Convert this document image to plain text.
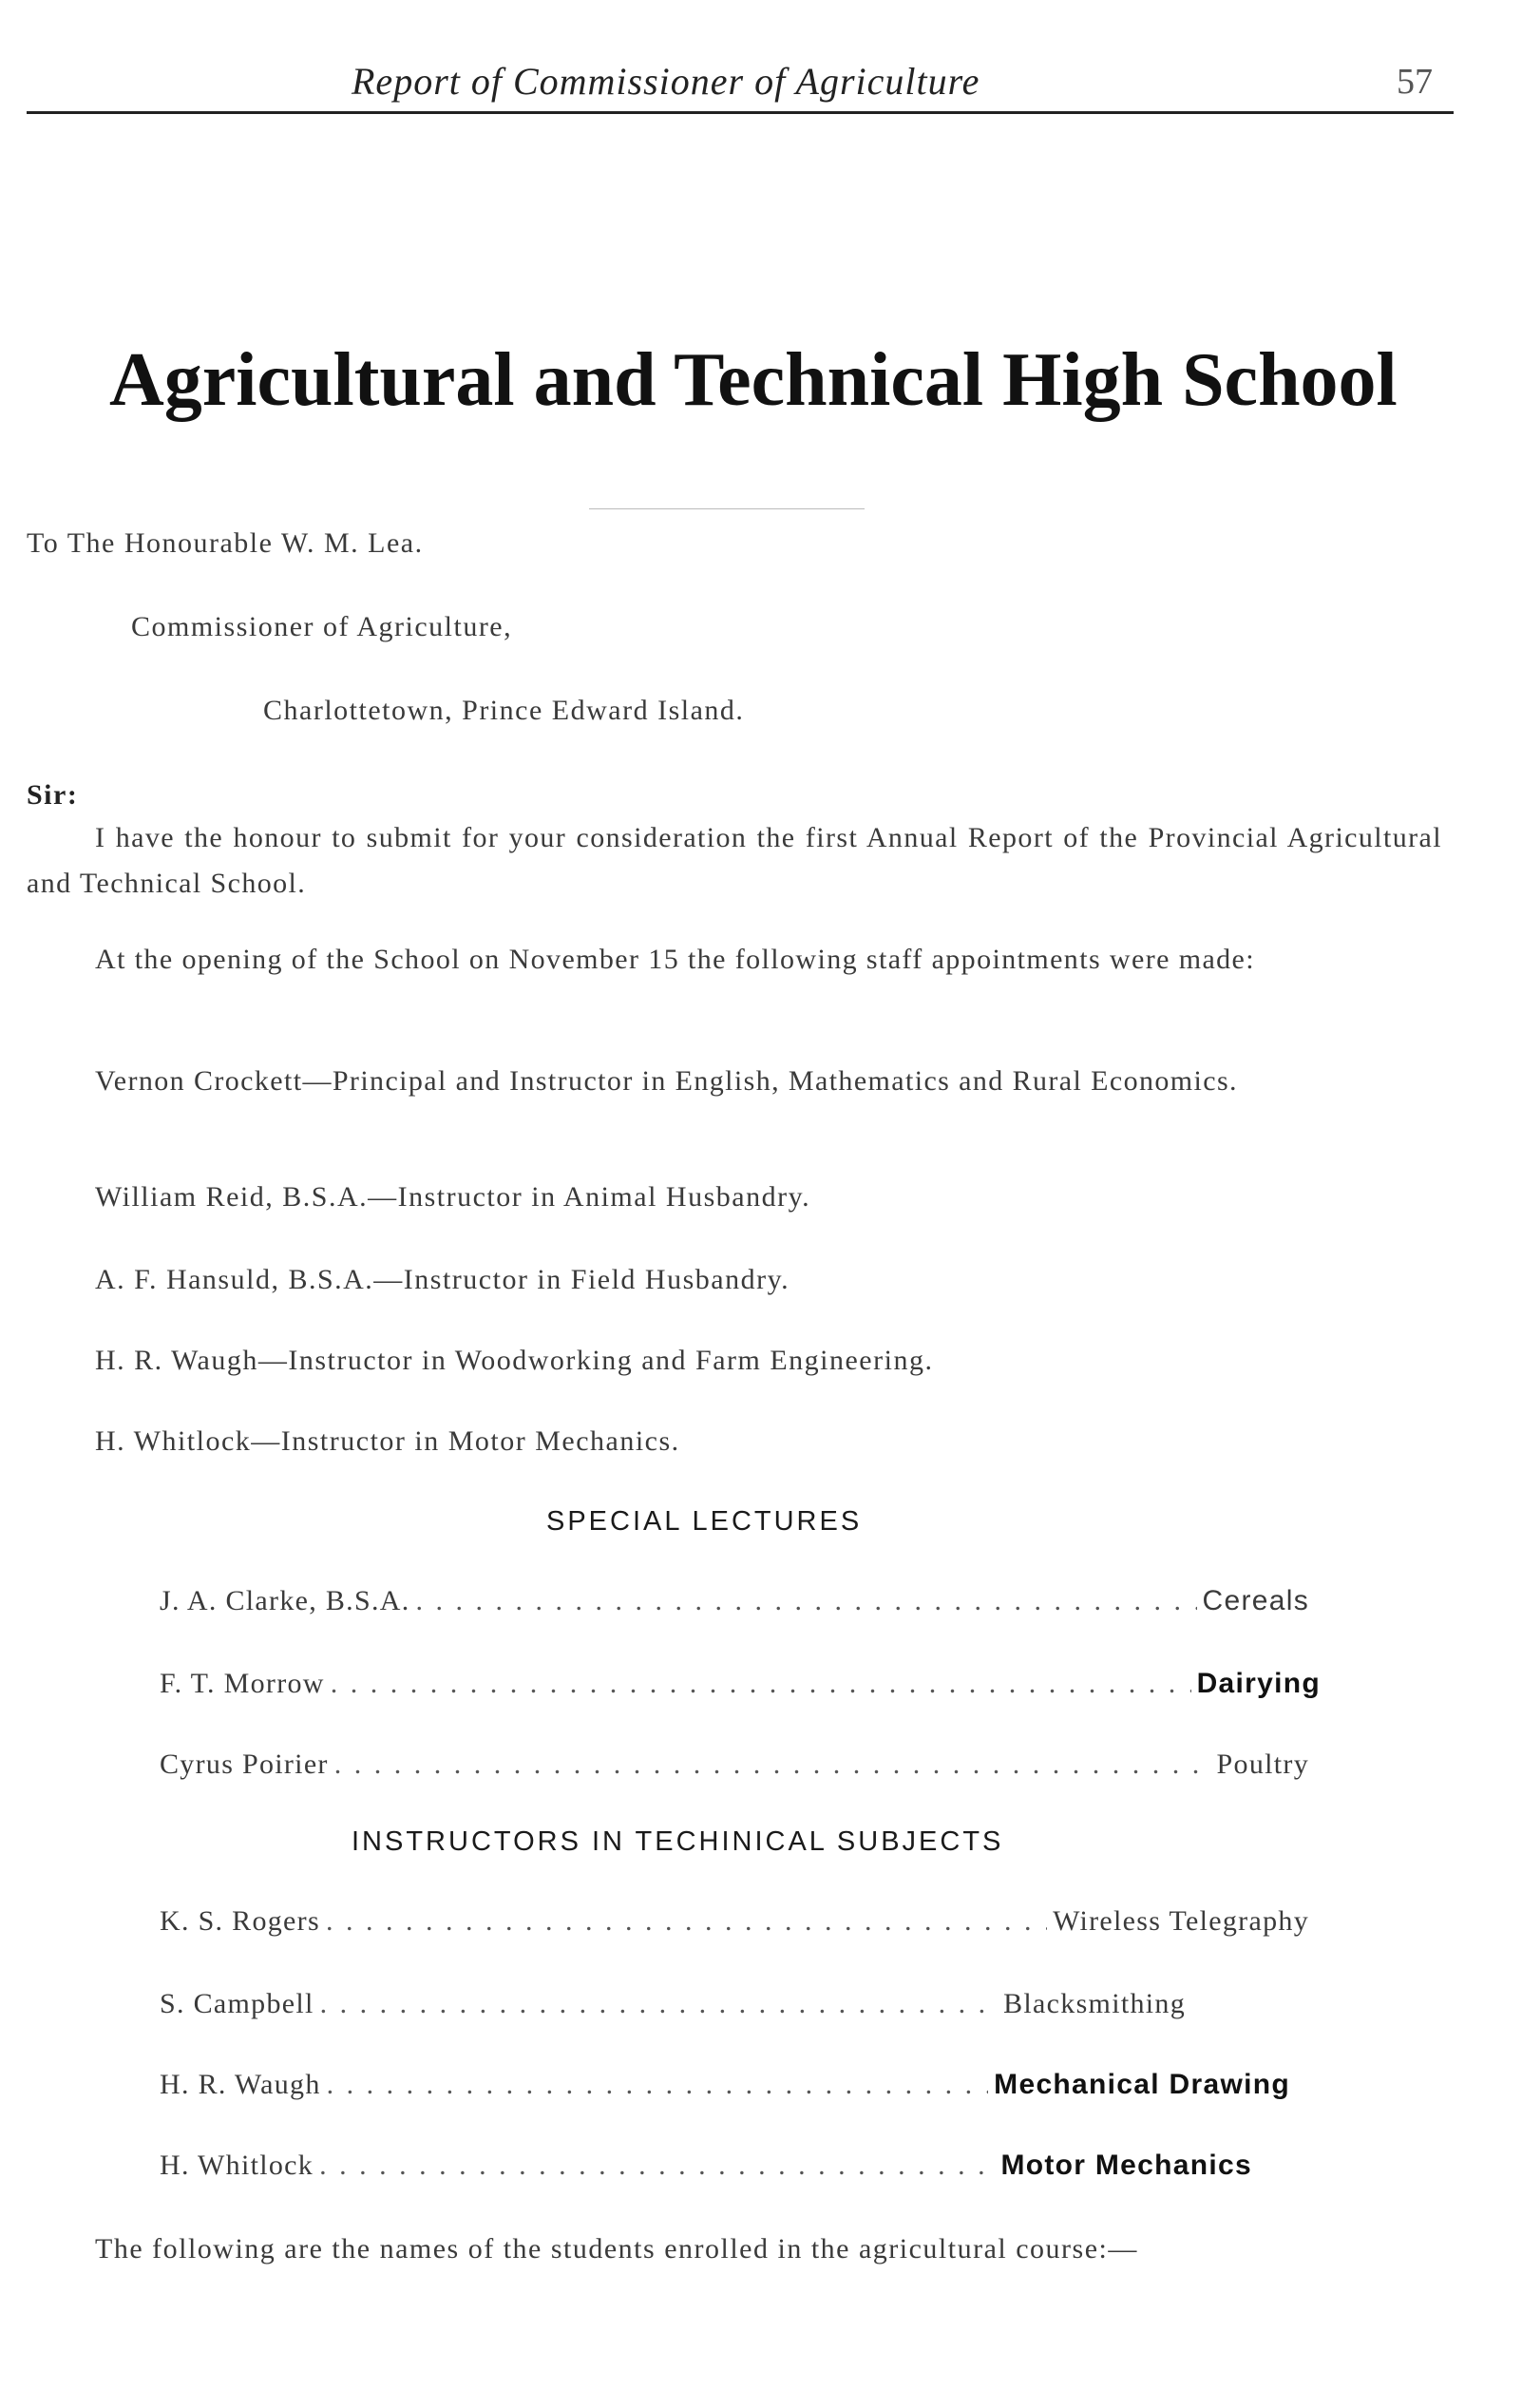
Report of Commissioner of Agriculture	57
Agricultural and Technical High School
To The Honourable W. M. Lea.
Commissioner of Agriculture,
Charlottetown, Prince Edward Island.
Sir:
I have the honour to submit for your consideration the first Annual Report of the Provincial Agricultural and Technical School.
At the opening of the School on November 15 the following staff appointments were made:
Vernon Crockett—Principal and Instructor in English, Mathematics and Rural Economics.
William Reid, B.S.A.—Instructor in Animal Husbandry.
A. F. Hansuld, B.S.A.—Instructor in Field Husbandry.
H. R. Waugh—Instructor in Woodworking and Farm Engineering.
H. Whitlock—Instructor in Motor Mechanics.
SPECIAL LECTURES
J. A. Clarke, B.S.A. . . .	Cereals
F. T. Morrow . . .	Dairying
Cyrus Poirier . . .	Poultry
INSTRUCTORS IN TECHINICAL SUBJECTS
K. S. Rogers . . .	Wireless Telegraphy
S. Campbell . . .	Blacksmithing
H. R. Waugh . . .	Mechanical Drawing
H. Whitlock . . .	Motor Mechanics
The following are the names of the students enrolled in the agricultural course:—
